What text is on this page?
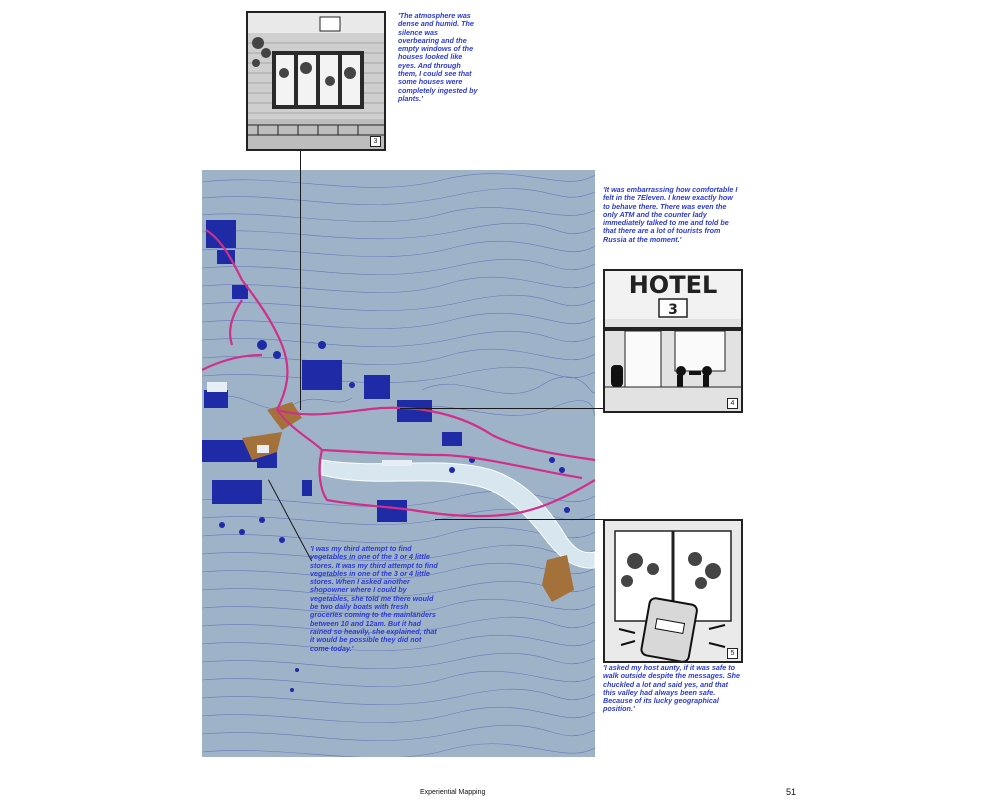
3
HOTEL
3
4
5
'The atmosphere was dense and humid. The silence was overbearing and the empty windows of the houses looked like eyes. And through them, I could see that some houses were completely ingested by plants.'
'It was embarrassing how comfortable I felt in the 7Eleven. I knew exactly how to behave there. There was even the only ATM and the counter lady immediately talked to me and told be that there are a lot of tourists from Russia at the moment.'
'I was my third attempt to find vegetables in one of the 3 or 4 little stores. It was my third attempt to find vegetables in one of the 3 or 4 little stores. When I asked another shopowner where I could by vegetables, she told me there would be two daily boats with fresh groceries coming to the mainlanders between 10 and 12am. But it had rained so heavily, she explained, that it would be possible they did not come today.'
'I asked my host aunty, if it was safe to walk outside despite the messages. She chuckled a lot and said yes, and that this valley had always been safe. Because of its lucky geographical position.'
Experiential Mapping	51
